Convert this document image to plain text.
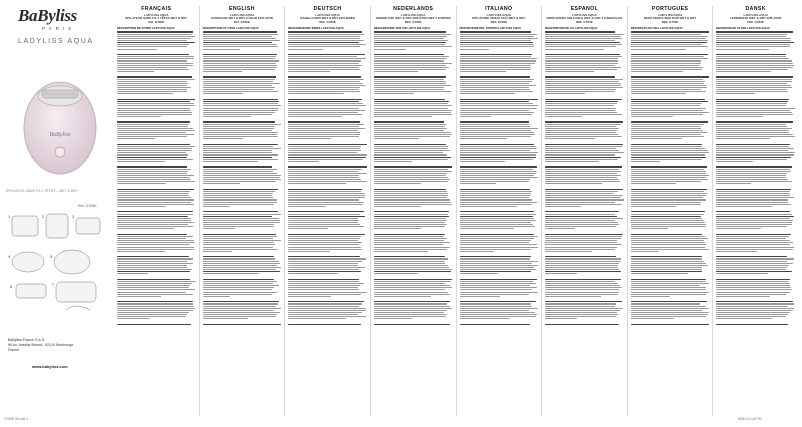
BaByliss
PARIS
LADYLISS AQUA
BaByliss
ÉPILATEUR SANS FIL 2 TÊTES – WET & DRY
Ref. G765E
1	2	3
4	5
6	7
BaByliss France S.A.S.
99 Av. Aristide Briand - 92120 Montrouge
France
www.babyliss.com
FRANÇAIS
LADYLISS AQUA
ÉPILATEUR SANS FIL 2 TÊTES WET & DRY
Réf. G765E
DESCRIPTION DE VOTRE LADYLISS AQUA
ENGLISH
LADYLISS AQUA
CORDLESS WET & DRY 2-HEAD EPILATOR
Ref. G765E
DESCRIPTION OF YOUR LADYLISS AQUA
DEUTSCH
LADYLISS AQUA
KABELLOSER WET & DRY EPILIERER
REF. G765E
BESCHREIBUNG IHRES LADYLISS AQUA
NEDERLANDS
LADYLISS AQUA
SNOERLOZE WET & DRY EPILATOR MET 2 KOPPEN
REF. G765E
BESCHRIJVING VAN UW LADYLISS AQUA
ITALIANO
LADYLISS AQUA
EPILATORE SENZA FILO WET & DRY
REF. G765E
DESCRIZIONE DEL VOSTRO LADYLISS AQUA
ESPAÑOL
LADYLISS AQUA
DEPILADORA SIN CABLE WET & DRY 2 CABEZALES
REF. G765E
DESCRIPCIÓN DE SU LADYLISS AQUA
PORTUGUÊS
LADYLISS AQUA
DEPILADORA SEM FIOS WET & DRY
REF. G765E
DESCRIÇÃO DO SEU LADYLISS AQUA
DANSK
LADYLISS AQUA
LEDNINGFRI WET & DRY EPILATOR
REF. G765E
BESKRIVELSE AF DIN LADYLISS AQUA
G765E 08.indd 1	8/04/13 1:45 PM
